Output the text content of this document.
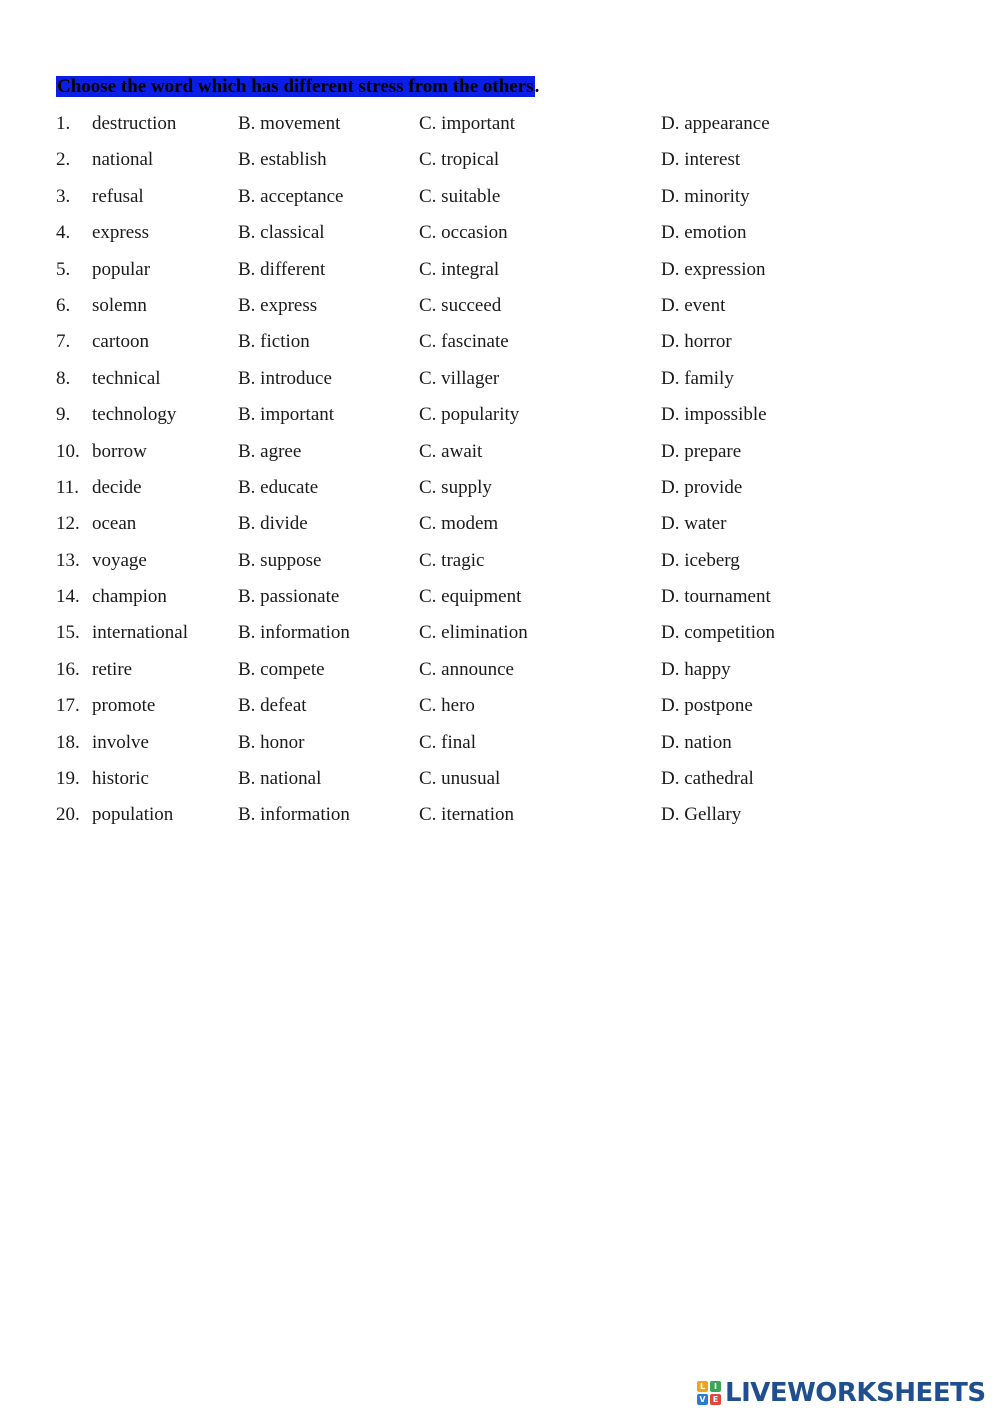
Choose the word which has different stress from the others.
1. destruction	B. movement	C. important	D. appearance
2. national	B. establish	C. tropical	D. interest
3. refusal	B. acceptance	C. suitable	D. minority
4. express	B. classical	C. occasion	D. emotion
5. popular	B. different	C. integral	D. expression
6. solemn	B. express	C. succeed	D. event
7. cartoon	B. fiction	C. fascinate	D. horror
8. technical	B. introduce	C. villager	D. family
9. technology	B. important	C. popularity	D. impossible
10. borrow	B. agree	C. await	D. prepare
11. decide	B. educate	C. supply	D. provide
12. ocean	B. divide	C. modem	D. water
13. voyage	B. suppose	C. tragic	D. iceberg
14. champion	B. passionate	C. equipment	D. tournament
15. international	B. information	C. elimination	D. competition
16. retire	B. compete	C. announce	D. happy
17. promote	B. defeat	C. hero	D. postpone
18. involve	B. honor	C. final	D. nation
19. historic	B. national	C. unusual	D. cathedral
20. population	B. information	C. iternation	D. Gellary
L	I
V E LIVEWORKSHEETS
